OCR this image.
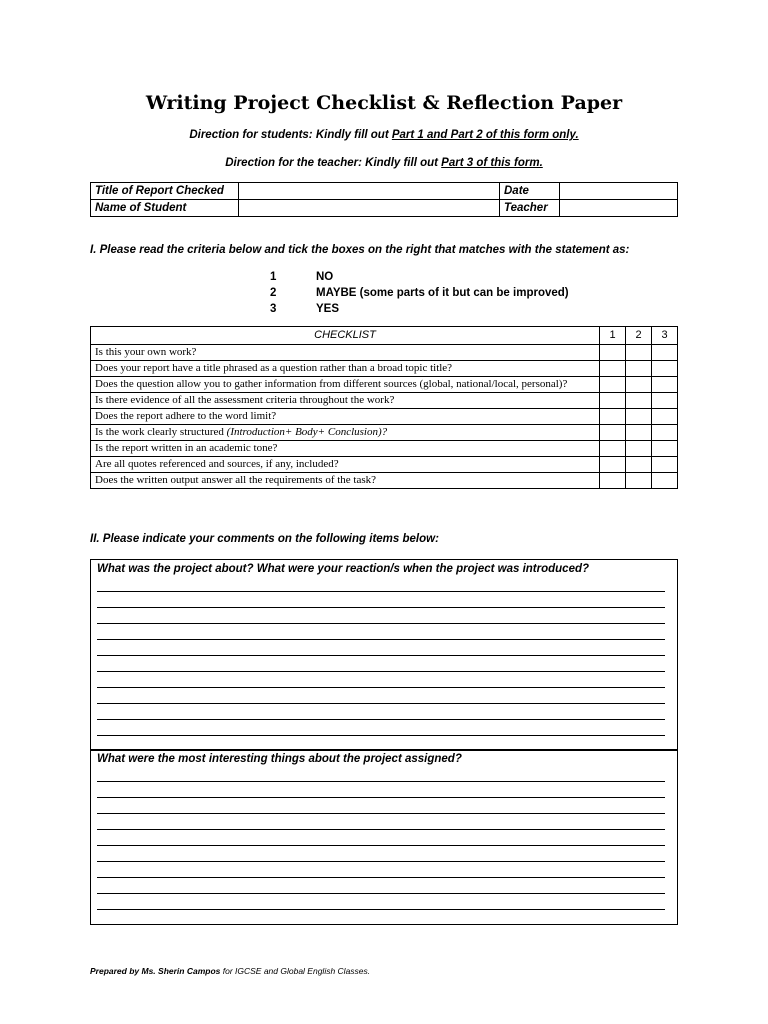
Writing Project Checklist & Reflection Paper
Direction for students: Kindly fill out Part 1 and Part 2 of this form only.
Direction for the teacher: Kindly fill out Part 3 of this form.
Title of Report Checked		Date	
Name of Student		Teacher	
I. Please read the criteria below and tick the boxes on the right that matches with the statement as:
1	NO
2	MAYBE (some parts of it but can be improved)
3	YES
CHECKLIST	1	2	3
Is this your own work?			
Does your report have a title phrased as a question rather than a broad topic title?			
Does the question allow you to gather information from different sources (global, national/local, personal)?			
Is there evidence of all the assessment criteria throughout the work?			
Does the report adhere to the word limit?			
Is the work clearly structured (Introduction+ Body+ Conclusion)?			
Is the report written in an academic tone?			
Are all quotes referenced and sources, if any, included?			
Does the written output answer all the requirements of the task?			
II. Please indicate your comments on the following items below:
What was the project about? What were your reaction/s when the project was introduced?
What were the most interesting things about the project assigned?
Prepared by Ms. Sherin Campos for IGCSE and Global English Classes.
